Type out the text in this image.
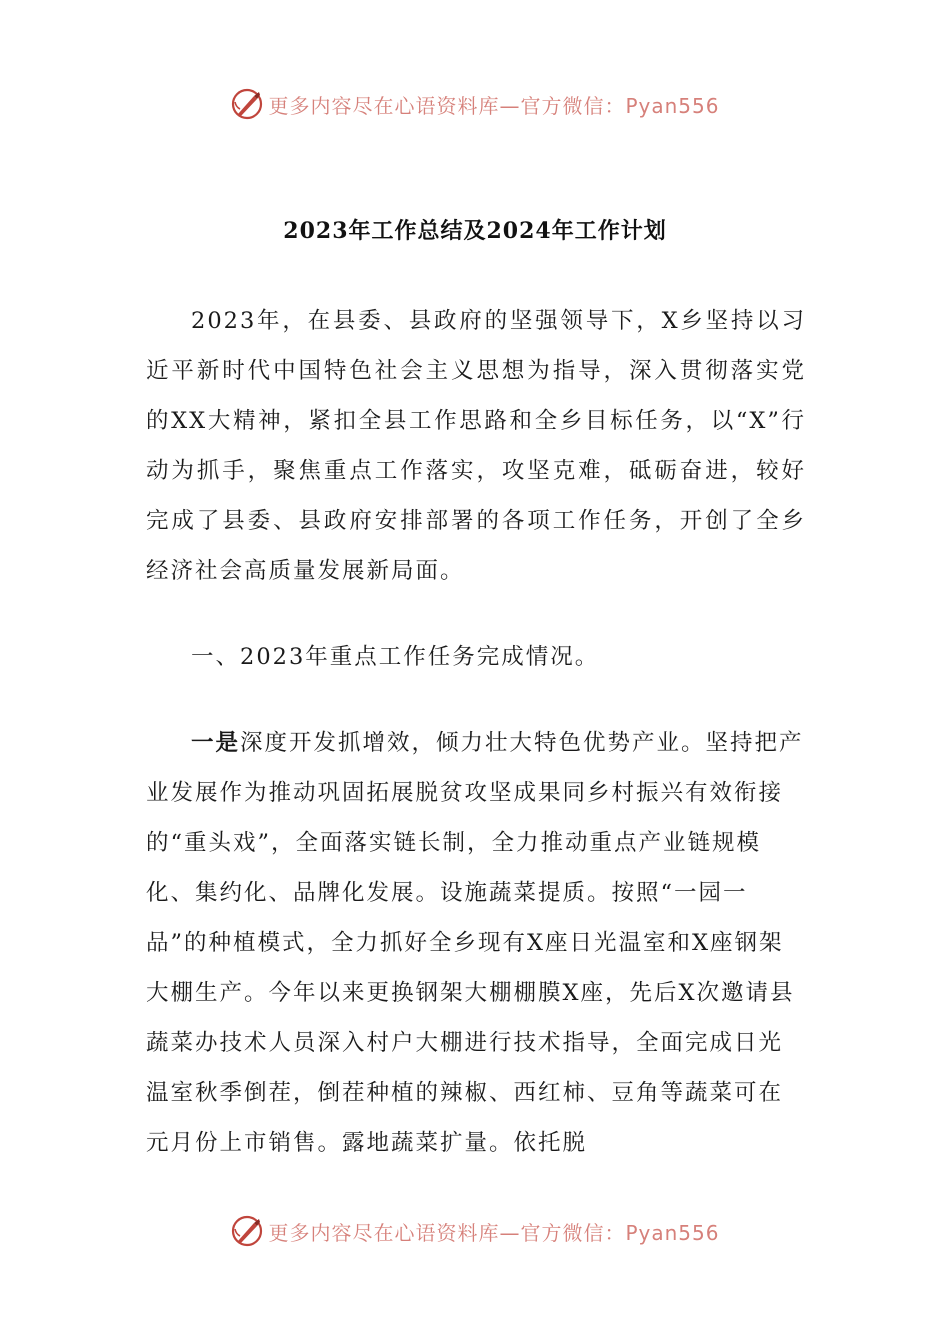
更多内容尽在心语资料库—官方微信：Pyan556
2023年工作总结及2024年工作计划

2023年，在县委、县政府的坚强领导下，X乡坚持以习近平新时代中国特色社会主义思想为指导，深入贯彻落实党的XX大精神，紧扣全县工作思路和全乡目标任务，以“X”行动为抓手，聚焦重点工作落实，攻坚克难，砥砺奋进，较好完成了县委、县政府安排部署的各项工作任务，开创了全乡经济社会高质量发展新局面。

一、2023年重点工作任务完成情况。

一是深度开发抓增效，倾力壮大特色优势产业。坚持把产业发展作为推动巩固拓展脱贫攻坚成果同乡村振兴有效衔接的“重头戏”，全面落实链长制，全力推动重点产业链规模化、集约化、品牌化发展。设施蔬菜提质。按照“一园一品”的种植模式，全力抓好全乡现有X座日光温室和X座钢架大棚生产。今年以来更换钢架大棚棚膜X座，先后X次邀请县蔬菜办技术人员深入村户大棚进行技术指导，全面完成日光温室秋季倒茬，倒茬种植的辣椒、西红柿、豆角等蔬菜可在元月份上市销售。露地蔬菜扩量。依托脱

更多内容尽在心语资料库—官方微信：Pyan556
